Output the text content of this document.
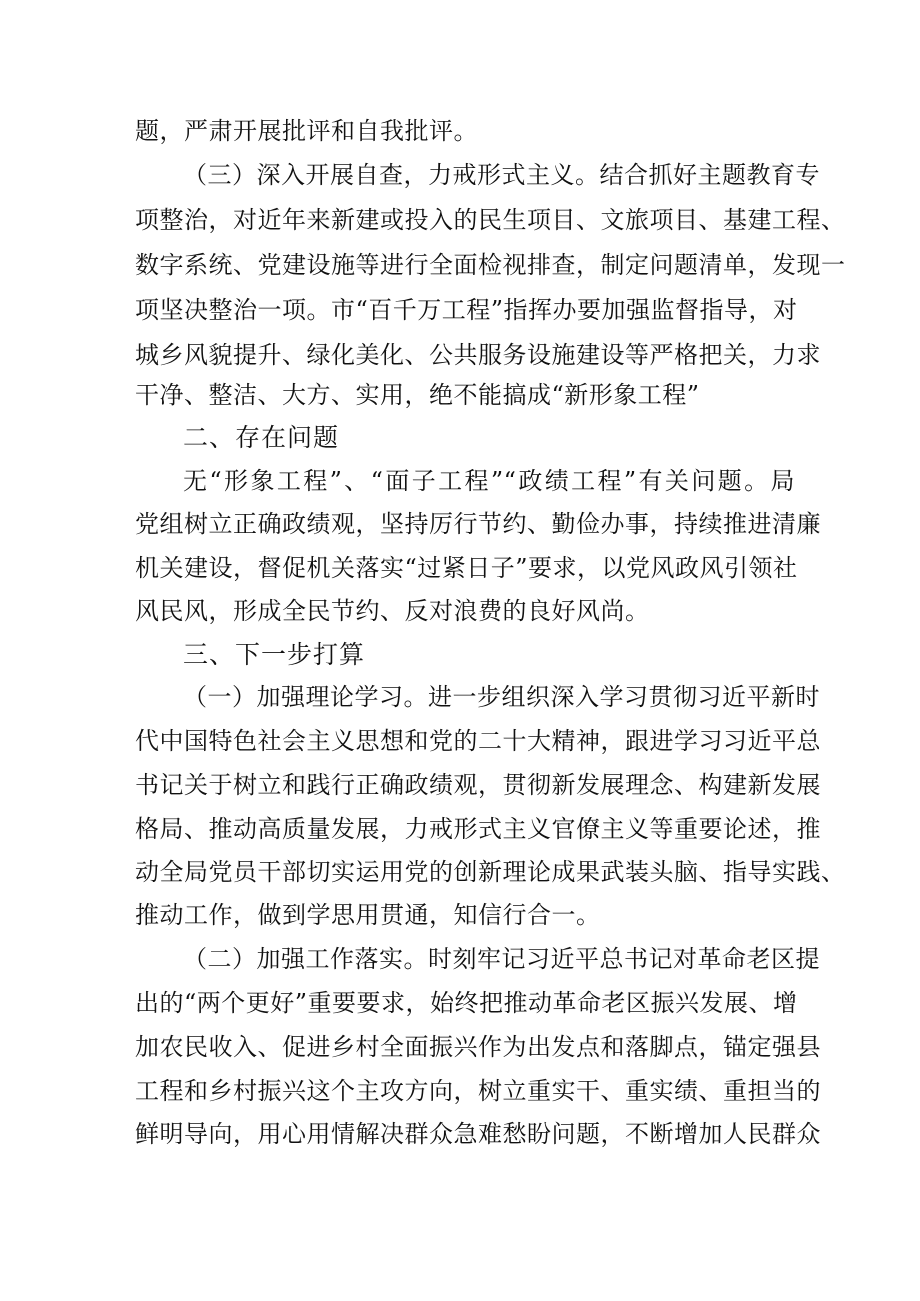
题，严肃开展批评和自我批评。
（三）深入开展自查，力戒形式主义。结合抓好主题教育专
项整治，对近年来新建或投入的民生项目、文旅项目、基建工程、
数字系统、党建设施等进行全面检视排查，制定问题清单，发现一
项坚决整治一项。市“百千万工程”指挥办要加强监督指导，对
城乡风貌提升、绿化美化、公共服务设施建设等严格把关，力求
干净、整洁、大方、实用，绝不能搞成“新形象工程”
二、存在问题
无“形象工程”、“面子工程”“政绩工程”有关问题。局
党组树立正确政绩观，坚持厉行节约、勤俭办事，持续推进清廉
机关建设，督促机关落实“过紧日子”要求，以党风政风引领社
风民风，形成全民节约、反对浪费的良好风尚。
三、下一步打算
（一）加强理论学习。进一步组织深入学习贯彻习近平新时
代中国特色社会主义思想和党的二十大精神，跟进学习习近平总
书记关于树立和践行正确政绩观，贯彻新发展理念、构建新发展
格局、推动高质量发展，力戒形式主义官僚主义等重要论述，推
动全局党员干部切实运用党的创新理论成果武装头脑、指导实践、
推动工作，做到学思用贯通，知信行合一。
（二）加强工作落实。时刻牢记习近平总书记对革命老区提
出的“两个更好”重要要求，始终把推动革命老区振兴发展、增
加农民收入、促进乡村全面振兴作为出发点和落脚点，锚定强县
工程和乡村振兴这个主攻方向，树立重实干、重实绩、重担当的
鲜明导向，用心用情解决群众急难愁盼问题，不断增加人民群众
